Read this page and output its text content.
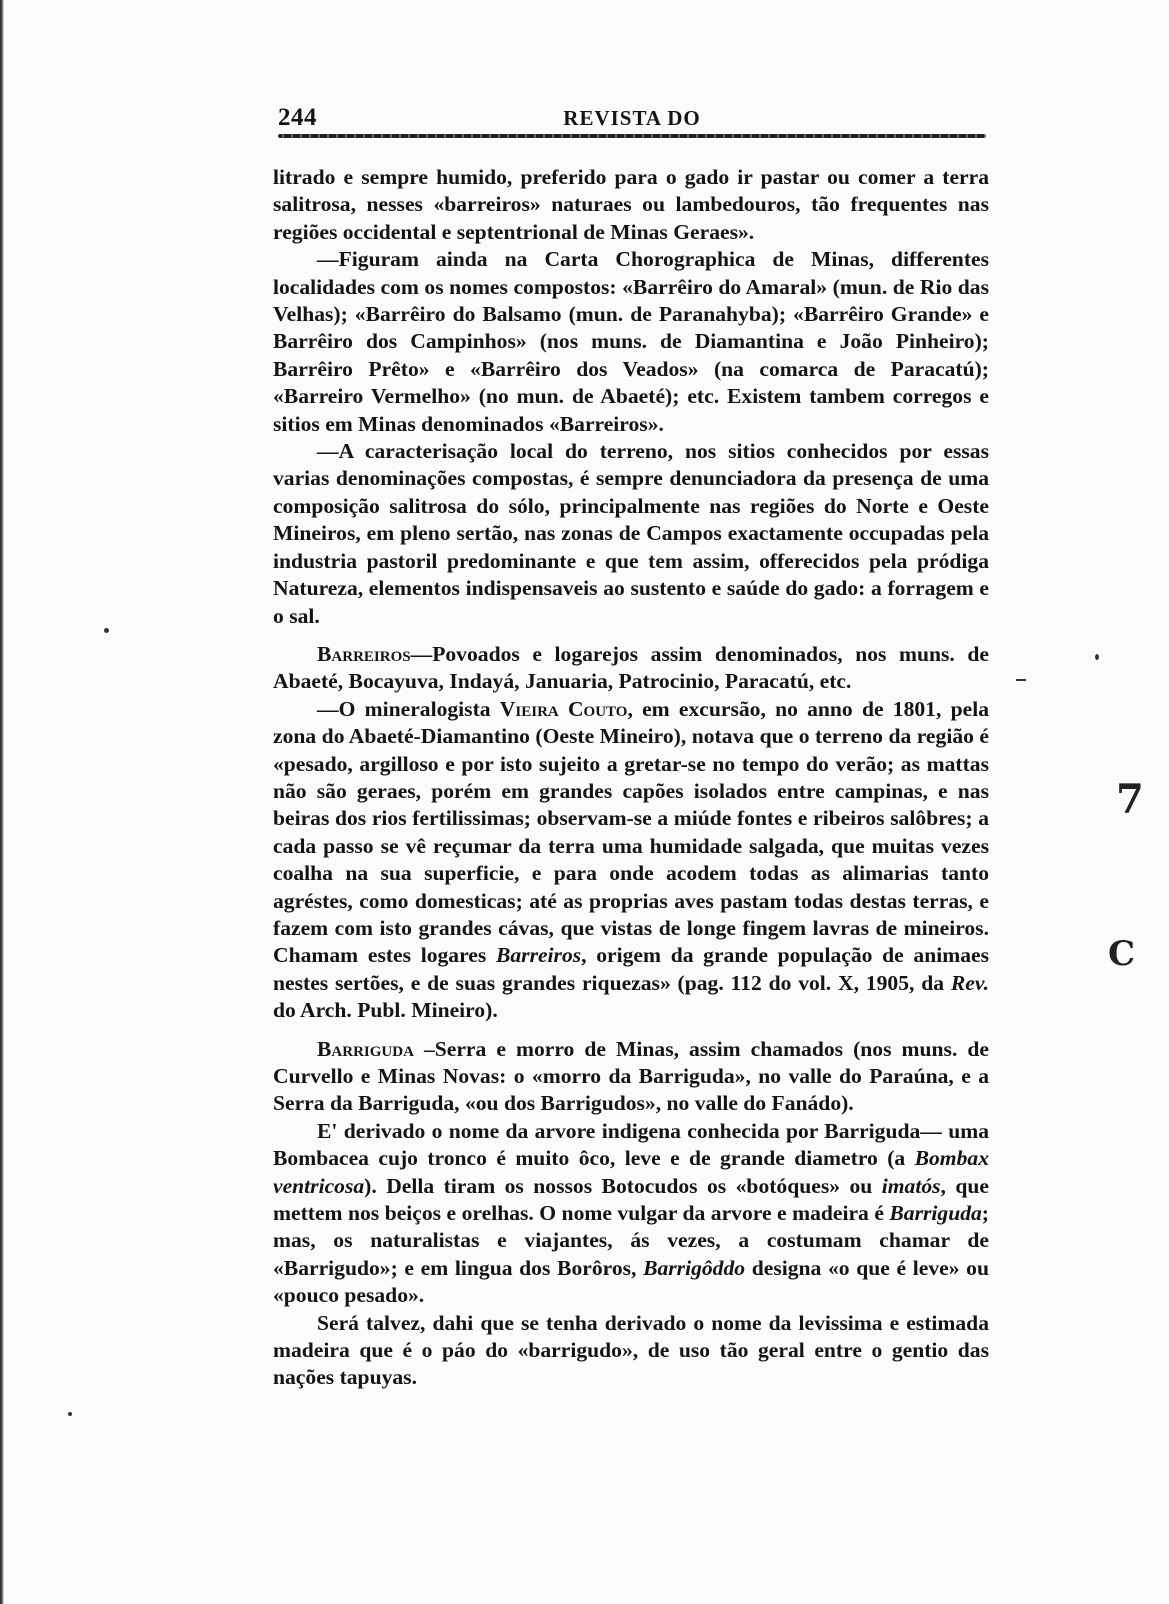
244	REVISTA DO

litrado e sempre humido, preferido para o gado ir pastar ou comer a terra salitrosa, nesses «barreiros» naturaes ou lambedouros, tão frequentes nas regiões occidental e septentrional de Minas Geraes».

—Figuram ainda na Carta Chorographica de Minas, differentes localidades com os nomes compostos: «Barrêiro do Amaral» (mun. de Rio das Velhas); «Barrêiro do Balsamo (mun. de Paranahyba); «Barrêiro Grande» e Barrêiro dos Campinhos» (nos muns. de Diamantina e João Pinheiro); Barrêiro Prêto» e «Barrêiro dos Veados» (na comarca de Paracatú); «Barreiro Vermelho» (no mun. de Abaeté); etc. Existem tambem corregos e sitios em Minas denominados «Barreiros».

—A caracterisação local do terreno, nos sitios conhecidos por essas varias denominações compostas, é sempre denunciadora da presença de uma composição salitrosa do sólo, principalmente nas regiões do Norte e Oeste Mineiros, em pleno sertão, nas zonas de Campos exactamente occupadas pela industria pastoril predominante e que tem assim, offerecidos pela pródiga Natureza, elementos indispensaveis ao sustento e saúde do gado: a forragem e o sal.

Barreiros—Povoados e logarejos assim denominados, nos muns. de Abaeté, Bocayuva, Indayá, Januaria, Patrocinio, Paracatú, etc.

—O mineralogista Vieira Couto, em excursão, no anno de 1801, pela zona do Abaeté-Diamantino (Oeste Mineiro), notava que o terreno da região é «pesado, argilloso e por isto sujeito a gretar-se no tempo do verão; as mattas não são geraes, porém em grandes capões isolados entre campinas, e nas beiras dos rios fertilissimas; observam-se a miúde fontes e ribeiros salôbres; a cada passo se vê reçumar da terra uma humidade salgada, que muitas vezes coalha na sua superficie, e para onde acodem todas as alimarias tanto agréstes, como domesticas; até as proprias aves pastam todas destas terras, e fazem com isto grandes cávas, que vistas de longe fingem lavras de mineiros. Chamam estes logares Barreiros, origem da grande população de animaes nestes sertões, e de suas grandes riquezas» (pag. 112 do vol. X, 1905, da Rev. do Arch. Publ. Mineiro).

Barriguda –Serra e morro de Minas, assim chamados (nos muns. de Curvello e Minas Novas: o «morro da Barriguda», no valle do Paraúna, e a Serra da Barriguda, «ou dos Barrigudos», no valle do Fanádo).

E' derivado o nome da arvore indigena conhecida por Barriguda— uma Bombacea cujo tronco é muito ôco, leve e de grande diametro (a Bombax ventricosa). Della tiram os nossos Botocudos os «botóques» ou imatós, que mettem nos beiços e orelhas. O nome vulgar da arvore e madeira é Barriguda; mas, os naturalistas e viajantes, ás vezes, a costumam chamar de «Barrigudo»; e em lingua dos Borôros, Barrigôddo designa «o que é leve» ou «pouco pesado».

Será talvez, dahi que se tenha derivado o nome da levissima e estimada madeira que é o páo do «barrigudo», de uso tão geral entre o gentio das nações tapuyas.

7
C
